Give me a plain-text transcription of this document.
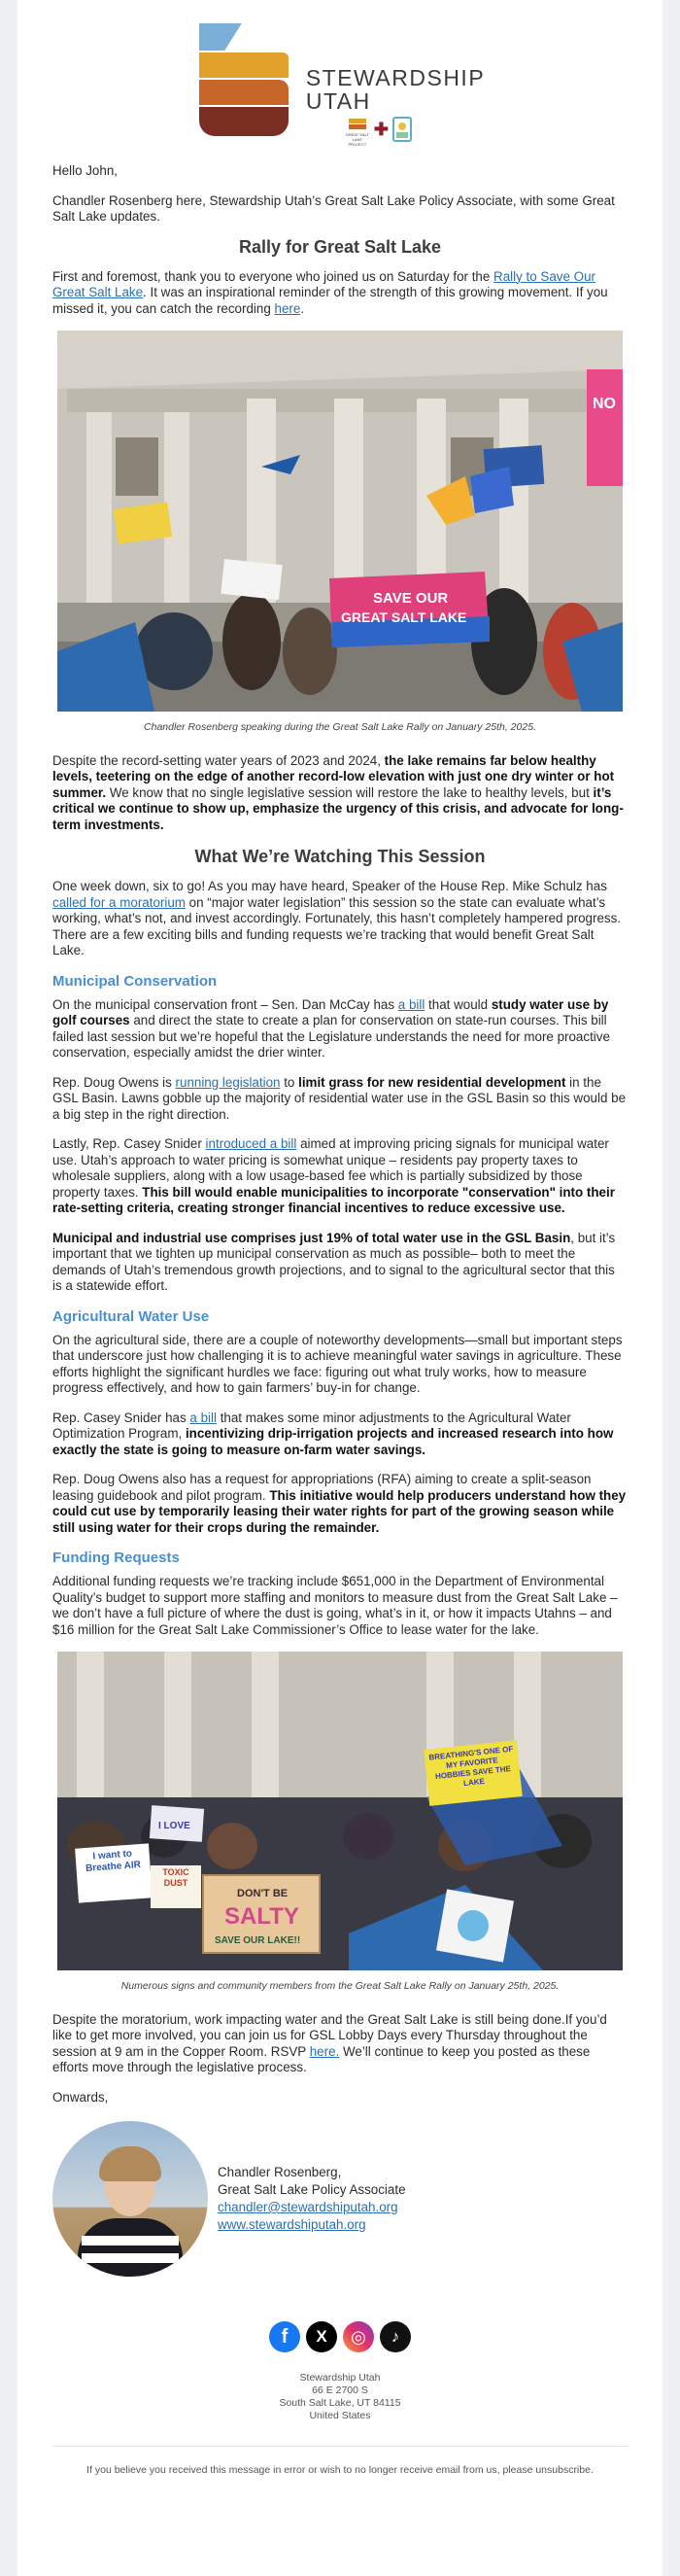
STEWARDSHIP
UTAH
GREAT SALT LAKE PROJECT
✚

Hello John,

Chandler Rosenberg here, Stewardship Utah’s Great Salt Lake Policy Associate, with some Great Salt Lake updates.

Rally for Great Salt Lake

First and foremost, thank you to everyone who joined us on Saturday for the Rally to Save Our Great Salt Lake. It was an inspirational reminder of the strength of this growing movement. If you missed it, you can catch the recording here.

NO
SAVE OUR
GREAT SALT LAKE

Chandler Rosenberg speaking during the Great Salt Lake Rally on January 25th, 2025.

Despite the record-setting water years of 2023 and 2024, the lake remains far below healthy levels, teetering on the edge of another record-low elevation with just one dry winter or hot summer. We know that no single legislative session will restore the lake to healthy levels, but it’s critical we continue to show up, emphasize the urgency of this crisis, and advocate for long-term investments.

What We’re Watching This Session

One week down, six to go! As you may have heard, Speaker of the House Rep. Mike Schulz has called for a moratorium on “major water legislation” this session so the state can evaluate what’s working, what’s not, and invest accordingly. Fortunately, this hasn’t completely hampered progress. There are a few exciting bills and funding requests we’re tracking that would benefit Great Salt Lake.

Municipal Conservation

On the municipal conservation front – Sen. Dan McCay has a bill that would study water use by golf courses and direct the state to create a plan for conservation on state-run courses. This bill failed last session but we’re hopeful that the Legislature understands the need for more proactive conservation, especially amidst the drier winter.

Rep. Doug Owens is running legislation to limit grass for new residential development in the GSL Basin. Lawns gobble up the majority of residential water use in the GSL Basin so this would be a big step in the right direction.

Lastly, Rep. Casey Snider introduced a bill aimed at improving pricing signals for municipal water use. Utah’s approach to water pricing is somewhat unique – residents pay property taxes to wholesale suppliers, along with a low usage-based fee which is partially subsidized by those property taxes. This bill would enable municipalities to incorporate "conservation" into their rate-setting criteria, creating stronger financial incentives to reduce excessive use.

Municipal and industrial use comprises just 19% of total water use in the GSL Basin, but it’s important that we tighten up municipal conservation as much as possible– both to meet the demands of Utah’s tremendous growth projections, and to signal to the agricultural sector that this is a statewide effort.

Agricultural Water Use

On the agricultural side, there are a couple of noteworthy developments—small but important steps that underscore just how challenging it is to achieve meaningful water savings in agriculture. These efforts highlight the significant hurdles we face: figuring out what truly works, how to measure progress effectively, and how to gain farmers’ buy-in for change.

Rep. Casey Snider has a bill that makes some minor adjustments to the Agricultural Water Optimization Program, incentivizing drip-irrigation projects and increased research into how exactly the state is going to measure on-farm water savings.

Rep. Doug Owens also has a request for appropriations (RFA) aiming to create a split-season leasing guidebook and pilot program. This initiative would help producers understand how they could cut use by temporarily leasing their water rights for part of the growing season while still using water for their crops during the remainder.

Funding Requests

Additional funding requests we’re tracking include $651,000 in the Department of Environmental Quality’s budget to support more staffing and monitors to measure dust from the Great Salt Lake – we don’t have a full picture of where the dust is going, what’s in it, or how it impacts Utahns – and $16 million for the Great Salt Lake Commissioner’s Office to lease water for the lake.

BREATHING'S ONE OF MY FAVORITE HOBBIES SAVE THE LAKE
DON'T BE
SALTY
SAVE OUR LAKE!!
I want to Breathe AIR	TOXIC DUST
I LOVE

Numerous signs and community members from the Great Salt Lake Rally on January 25th, 2025.

Despite the moratorium, work impacting water and the Great Salt Lake is still being done.If you’d like to get more involved, you can join us for GSL Lobby Days every Thursday throughout the session at 9 am in the Copper Room. RSVP here. We’ll continue to keep you posted as these efforts move through the legislative process.

Onwards,

Chandler Rosenberg,
Great Salt Lake Policy Associate
chandler@stewardshiputah.org
www.stewardshiputah.org
f X ◎ ♪
Stewardship Utah
66 E 2700 S
South Salt Lake, UT 84115
United States
If you believe you received this message in error or wish to no longer receive email from us, please unsubscribe.
